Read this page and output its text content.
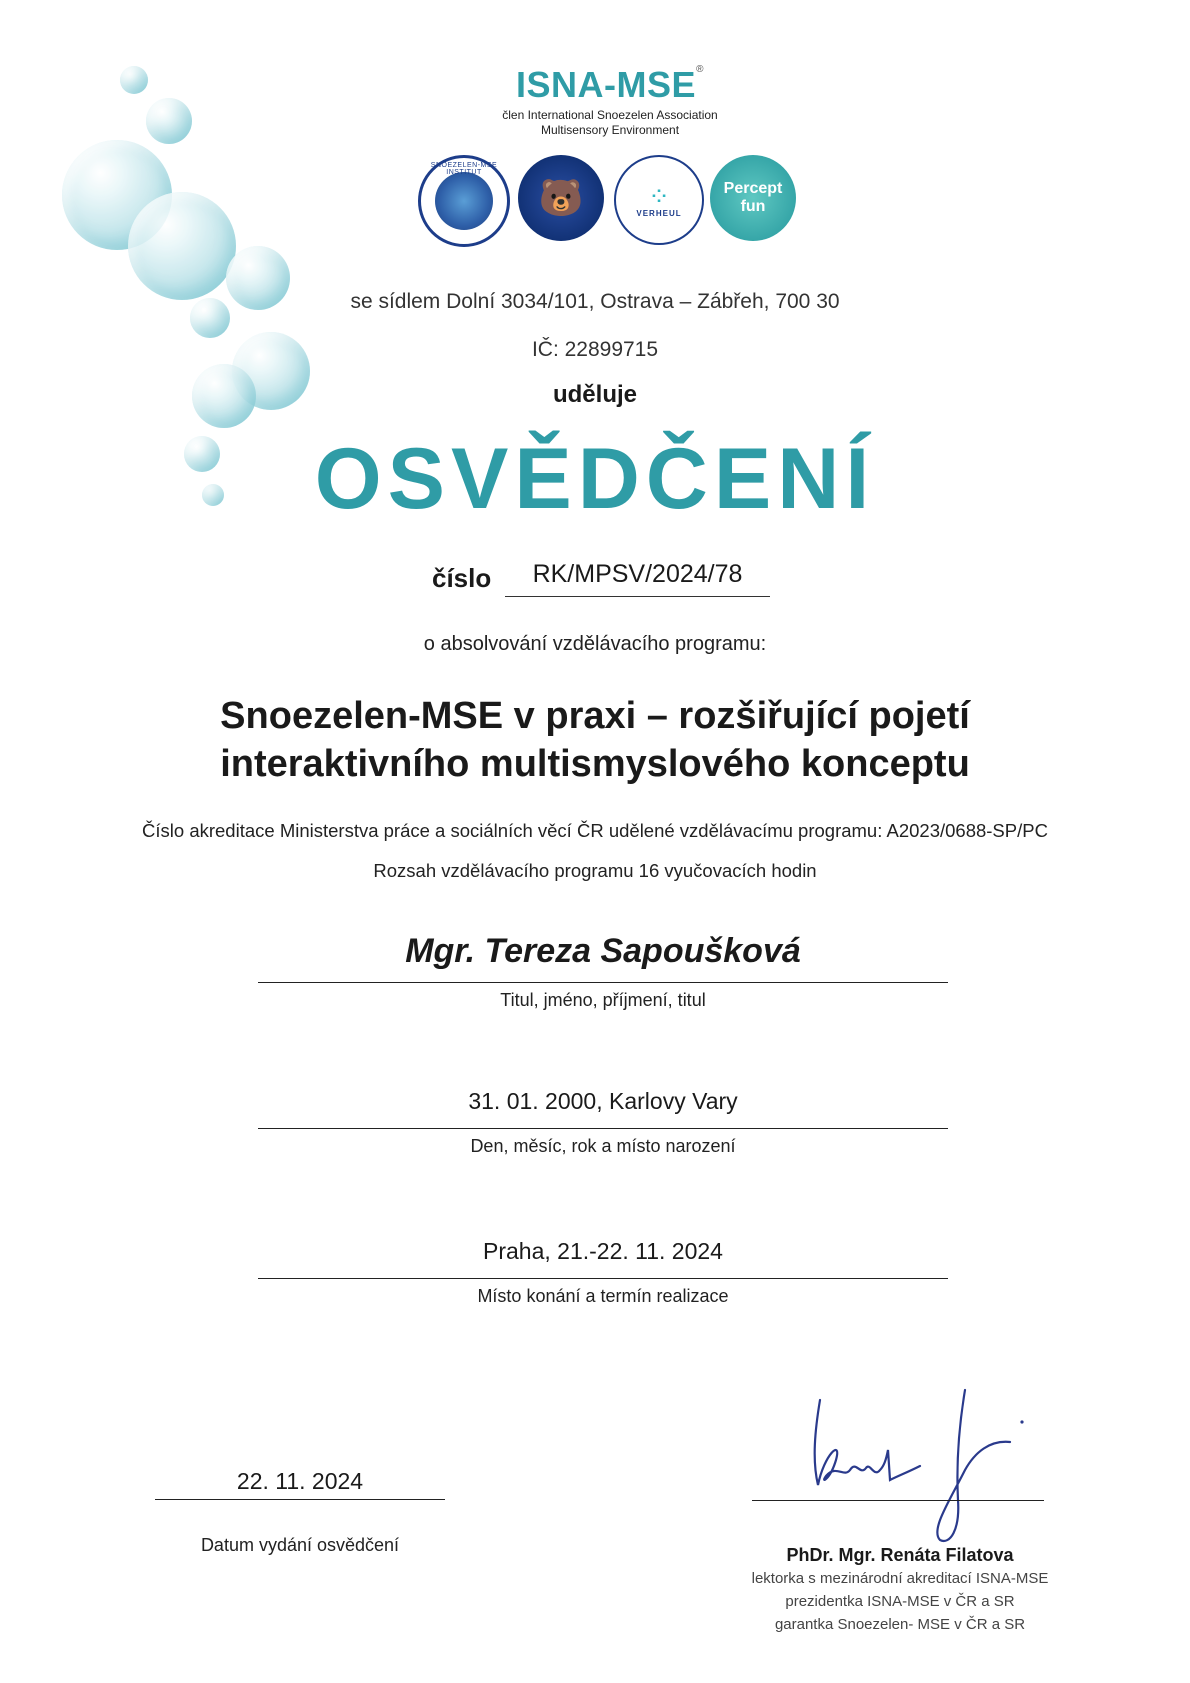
ISNA-MSE®
člen International Snoezelen Association
Multisensory Environment
SNOEZELEN-MSE INSTITUT
🐻 ⁘
VERHEUL
Percept
fun
se sídlem Dolní 3034/101, Ostrava – Zábřeh, 700 30
IČ: 22899715
uděluje
OSVĚDČENÍ
číslo	RK/MPSV/2024/78
o absolvování vzdělávacího programu:
Snoezelen-MSE v praxi – rozšiřující pojetí
interaktivního multismyslového konceptu
Číslo akreditace Ministerstva práce a sociálních věcí ČR udělené vzdělávacímu programu: A2023/0688-SP/PC
Rozsah vzdělávacího programu 16 vyučovacích hodin
Mgr. Tereza Sapoušková
Titul, jméno, příjmení, titul
31. 01. 2000, Karlovy Vary
Den, měsíc, rok a místo narození
Praha, 21.-22. 11. 2024
Místo konání a termín realizace
22. 11. 2024
Datum vydání osvědčení	PhDr. Mgr. Renáta Filatova
lektorka s mezinárodní akreditací ISNA-MSE
prezidentka ISNA-MSE v ČR a SR
garantka Snoezelen- MSE v ČR a SR
